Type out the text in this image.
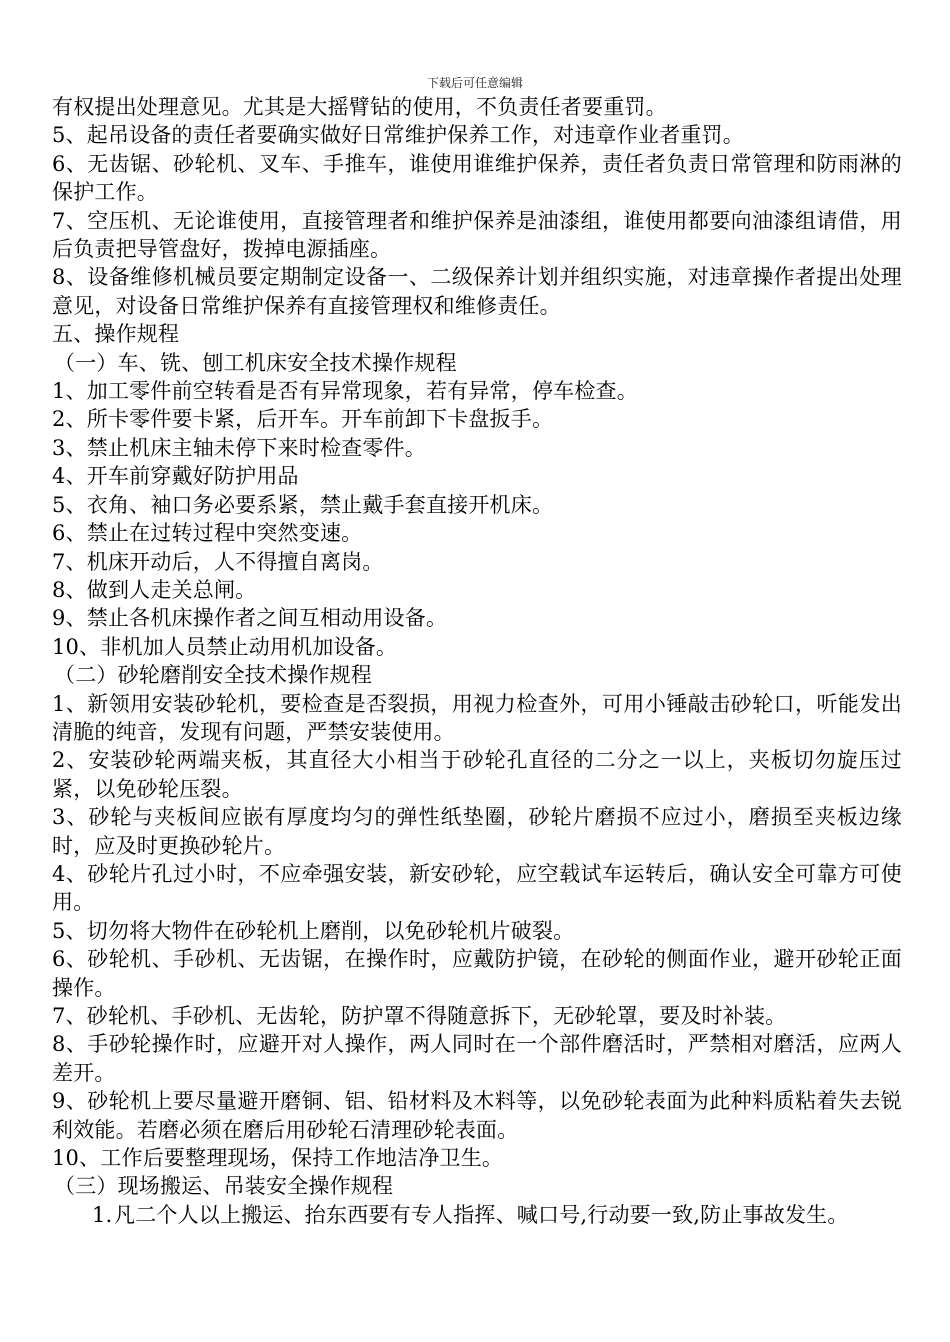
下载后可任意编辑

有权提出处理意见。尤其是大摇臂钻的使用，不负责任者要重罚。

5、起吊设备的责任者要确实做好日常维护保养工作，对违章作业者重罚。

6、无齿锯、砂轮机、叉车、手推车，谁使用谁维护保养，责任者负责日常管理和防雨淋的保护工作。

7、空压机、无论谁使用，直接管理者和维护保养是油漆组，谁使用都要向油漆组请借，用后负责把导管盘好，拨掉电源插座。

8、设备维修机械员要定期制定设备一、二级保养计划并组织实施，对违章操作者提出处理意见，对设备日常维护保养有直接管理权和维修责任。

五、操作规程

（一）车、铣、刨工机床安全技术操作规程

1、加工零件前空转看是否有异常现象，若有异常，停车检查。

2、所卡零件要卡紧，后开车。开车前卸下卡盘扳手。

3、禁止机床主轴未停下来时检查零件。

4、开车前穿戴好防护用品

5、衣角、袖口务必要系紧，禁止戴手套直接开机床。

6、禁止在过转过程中突然变速。

7、机床开动后，人不得擅自离岗。

8、做到人走关总闸。

9、禁止各机床操作者之间互相动用设备。

10、非机加人员禁止动用机加设备。

（二）砂轮磨削安全技术操作规程

1、新领用安装砂轮机，要检查是否裂损，用视力检查外，可用小锤敲击砂轮口，听能发出清脆的纯音，发现有问题，严禁安装使用。

2、安装砂轮两端夹板，其直径大小相当于砂轮孔直径的二分之一以上，夹板切勿旋压过紧，以免砂轮压裂。

3、砂轮与夹板间应嵌有厚度均匀的弹性纸垫圈，砂轮片磨损不应过小，磨损至夹板边缘时，应及时更换砂轮片。

4、砂轮片孔过小时，不应牵强安装，新安砂轮，应空载试车运转后，确认安全可靠方可使用。

5、切勿将大物件在砂轮机上磨削，以免砂轮机片破裂。

6、砂轮机、手砂机、无齿锯，在操作时，应戴防护镜，在砂轮的侧面作业，避开砂轮正面操作。

7、砂轮机、手砂机、无齿轮，防护罩不得随意拆下，无砂轮罩，要及时补装。

8、手砂轮操作时，应避开对人操作，两人同时在一个部件磨活时，严禁相对磨活，应两人差开。

9、砂轮机上要尽量避开磨铜、铝、铅材料及木料等，以免砂轮表面为此种料质粘着失去锐利效能。若磨必须在磨后用砂轮石清理砂轮表面。

10、工作后要整理现场，保持工作地洁净卫生。

（三）现场搬运、吊装安全操作规程

1. 凡二个人以上搬运、抬东西要有专人指挥、喊口号,行动要一致,防止事故发生。
